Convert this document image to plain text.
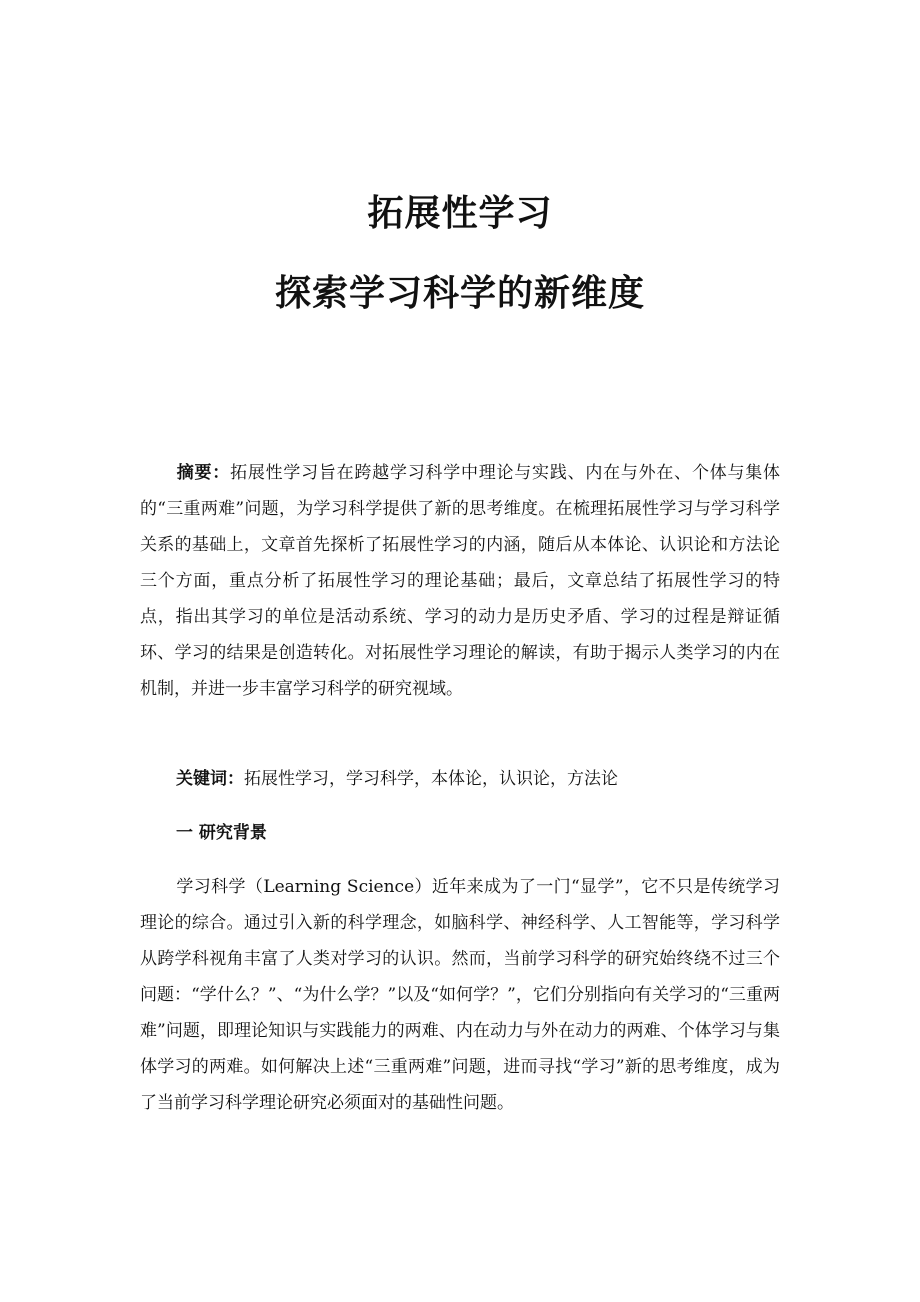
拓展性学习
探索学习科学的新维度

摘要：拓展性学习旨在跨越学习科学中理论与实践、内在与外在、个体与集体的“三重两难”问题，为学习科学提供了新的思考维度。在梳理拓展性学习与学习科学关系的基础上，文章首先探析了拓展性学习的内涵，随后从本体论、认识论和方法论三个方面，重点分析了拓展性学习的理论基础；最后，文章总结了拓展性学习的特点，指出其学习的单位是活动系统、学习的动力是历史矛盾、学习的过程是辩证循环、学习的结果是创造转化。对拓展性学习理论的解读，有助于揭示人类学习的内在机制，并进一步丰富学习科学的研究视域。

关键词：拓展性学习，学习科学，本体论，认识论，方法论

一 研究背景

学习科学（Learning Science）近年来成为了一门“显学”，它不只是传统学习理论的综合。通过引入新的科学理念，如脑科学、神经科学、人工智能等，学习科学从跨学科视角丰富了人类对学习的认识。然而，当前学习科学的研究始终绕不过三个问题：“学什么？”、“为什么学？”以及“如何学？”，它们分别指向有关学习的“三重两难”问题，即理论知识与实践能力的两难、内在动力与外在动力的两难、个体学习与集体学习的两难。如何解决上述“三重两难”问题，进而寻找“学习”新的思考维度，成为了当前学习科学理论研究必须面对的基础性问题。
